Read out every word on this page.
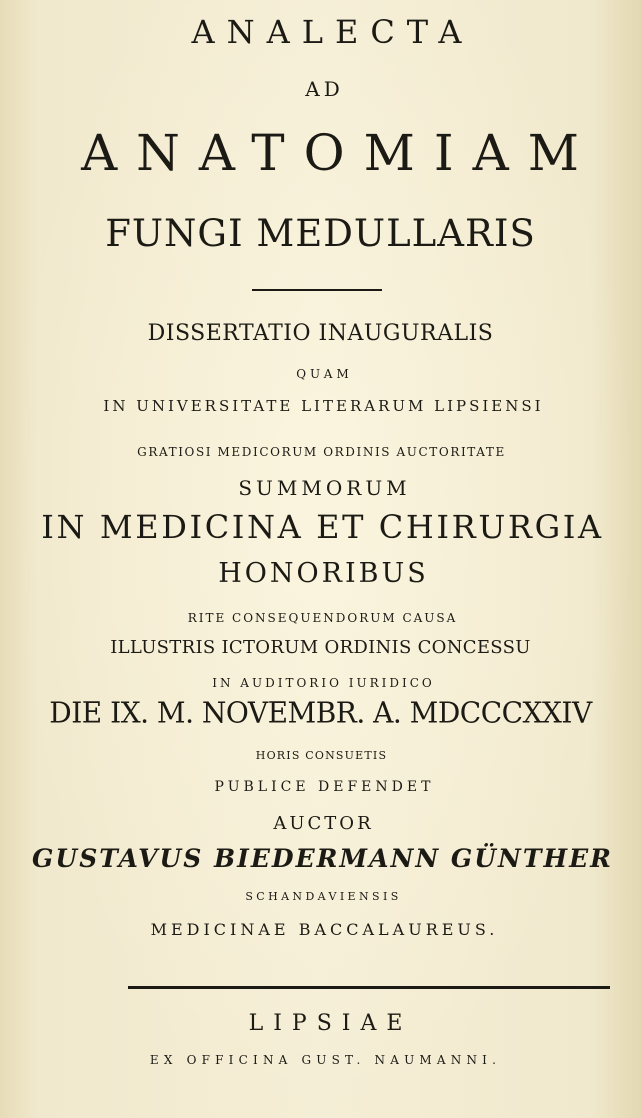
ANALECTA
AD
ANATOMIAM
FUNGI MEDULLARIS
DISSERTATIO INAUGURALIS
QUAM
IN UNIVERSITATE LITERARUM LIPSIENSI
GRATIOSI MEDICORUM ORDINIS AUCTORITATE
SUMMORUM
IN MEDICINA ET CHIRURGIA
HONORIBUS
RITE CONSEQUENDORUM CAUSA
ILLUSTRIS ICTORUM ORDINIS CONCESSU
IN AUDITORIO IURIDICO
DIE IX. M. NOVEMBR. A. MDCCCXXIV
HORIS CONSUETIS
PUBLICE DEFENDET
AUCTOR
GUSTAVUS BIEDERMANN GÜNTHER
SCHANDAVIENSIS
MEDICINAE BACCALAUREUS.
LIPSIAE
EX OFFICINA GUST. NAUMANNI.
